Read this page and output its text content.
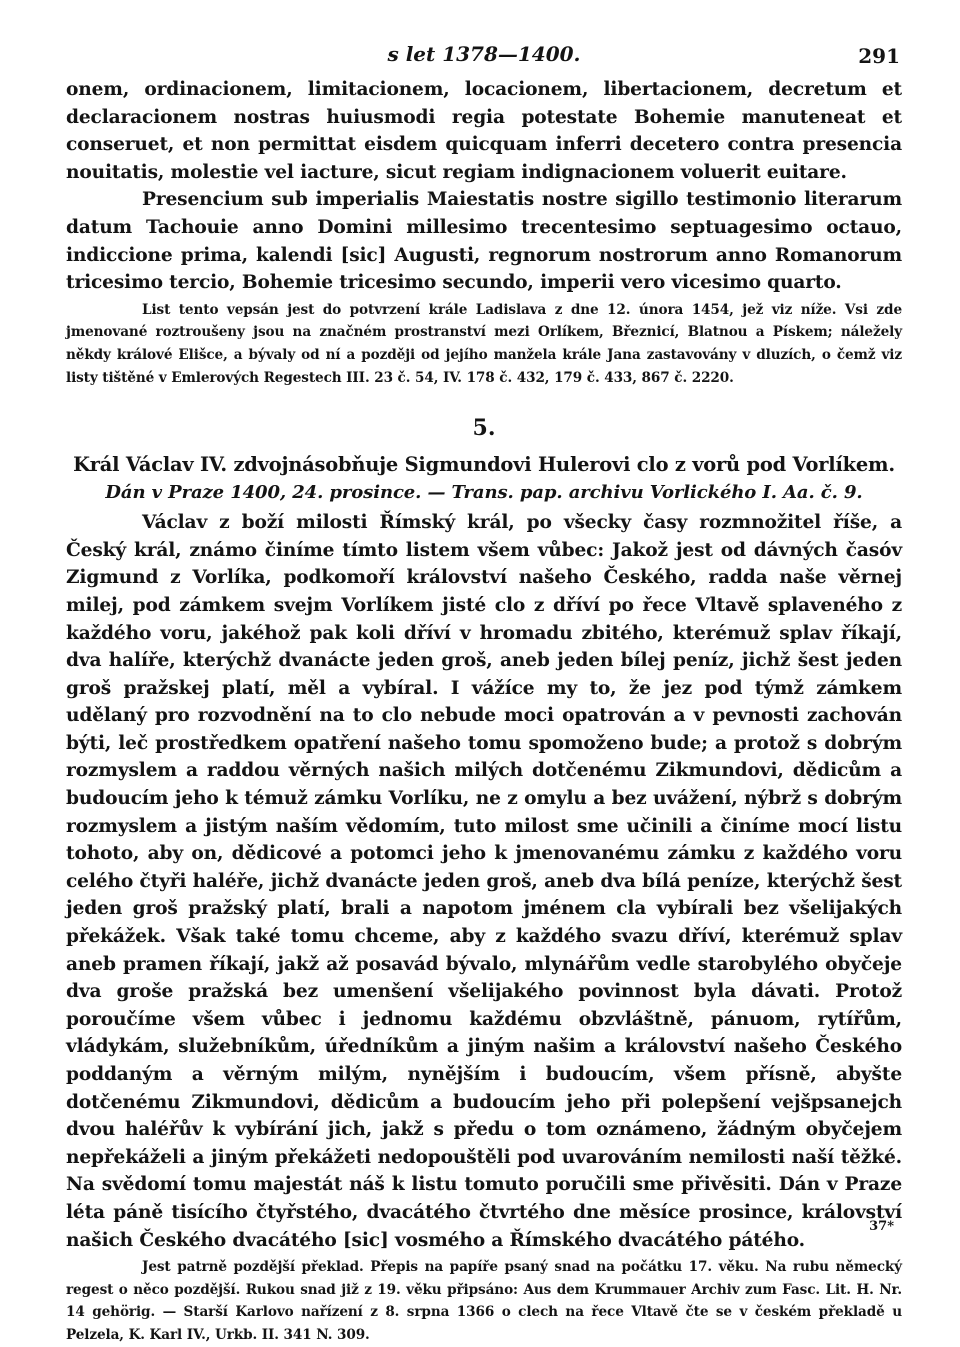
s let 1378—1400.	291

onem, ordinacionem, limitacionem, locacionem, libertacionem, decretum et declaracionem nostras huiusmodi regia potestate Bohemie manuteneat et conseruet, et non permittat eisdem quicquam inferri decetero contra presencia nouitatis, molestie vel iacture, sicut regiam indignacionem voluerit euitare.

Presencium sub imperialis Maiestatis nostre sigillo testimonio literarum datum Tachouie anno Domini millesimo trecentesimo septuagesimo octauo, indiccione prima, kalendi [sic] Augusti, regnorum nostrorum anno Romanorum tricesimo tercio, Bohemie tricesimo secundo, imperii vero vicesimo quarto.

List tento vepsán jest do potvrzení krále Ladislava z dne 12. února 1454, jež viz níže. Vsi zde jmenované roztroušeny jsou na značném prostranství mezi Orlíkem, Březnicí, Blatnou a Pískem; náležely někdy králové Elišce, a bývaly od ní a později od jejího manžela krále Jana zastavovány v dluzích, o čemž viz listy tištěné v Emlerových Regestech III. 23 č. 54, IV. 178 č. 432, 179 č. 433, 867 č. 2220.

5.
Král Václav IV. zdvojnásobňuje Sigmundovi Hulerovi clo z vorů pod Vorlíkem.
Dán v Praze 1400, 24. prosince. — Trans. pap. archivu Vorlického I. Aa. č. 9.

Václav z boží milosti Římský král, po všecky časy rozmnožitel říše, a Český král, známo činíme tímto listem všem vůbec: Jakož jest od dávných časóv Zigmund z Vorlíka, podkomoří království našeho Českého, radda naše věrnej milej, pod zámkem svejm Vorlíkem jisté clo z dříví po řece Vltavě splaveného z každého voru, jakéhož pak koli dříví v hromadu zbitého, kterémuž splav říkají, dva halíře, kterýchž dvanácte jeden groš, aneb jeden bílej peníz, jichž šest jeden groš pražskej platí, měl a vybíral. I vážíce my to, že jez pod týmž zámkem udělaný pro rozvodnění na to clo nebude moci opatrován a v pevnosti zachován býti, leč prostředkem opatření našeho tomu spomoženo bude; a protož s dobrým rozmyslem a raddou věrných našich milých dotčenému Zikmundovi, dědicům a budoucím jeho k témuž zámku Vorlíku, ne z omylu a bez uvážení, nýbrž s dobrým rozmyslem a jistým naším vědomím, tuto milost sme učinili a činíme mocí listu tohoto, aby on, dědicové a potomci jeho k jmenovanému zámku z každého voru celého čtyři haléře, jichž dvanácte jeden groš, aneb dva bílá peníze, kterýchž šest jeden groš pražský platí, brali a napotom jménem cla vybírali bez všelijakých překážek. Však také tomu chceme, aby z každého svazu dříví, kterémuž splav aneb pramen říkají, jakž až posavád bývalo, mlynářům vedle starobylého obyčeje dva groše pražská bez umenšení všelijakého povinnost byla dávati. Protož poroučíme všem vůbec i jednomu každému obzvláštně, pánuom, rytířům, vládykám, služebníkům, úředníkům a jiným našim a království našeho Českého poddaným a věrným milým, nynějším i budoucím, všem přísně, abyšte dotčenému Zikmundovi, dědicům a budoucím jeho při polepšení vejšpsanejch dvou haléřův k vybírání jich, jakž s předu o tom oznámeno, žádným obyčejem nepřekáželi a jiným překážeti nedopouštěli pod uvarováním nemilosti naší těžké. Na svědomí tomu majestát náš k listu tomuto poručili sme přivěsiti. Dán v Praze léta páně tisícího čtyřstého, dvacátého čtvrtého dne měsíce prosince, království našich Českého dvacátého [sic] vosmého a Římského dvacátého pátého.

Jest patrně pozdější překlad. Přepis na papíře psaný snad na počátku 17. věku. Na rubu německý regest o něco pozdější. Rukou snad již z 19. věku připsáno: Aus dem Krummauer Archiv zum Fasc. Lit. H. Nr. 14 gehörig. — Starší Karlovo nařízení z 8. srpna 1366 o clech na řece Vltavě čte se v českém překladě u Pelzela, K. Karl IV., Urkb. II. 341 N. 309.

37*
